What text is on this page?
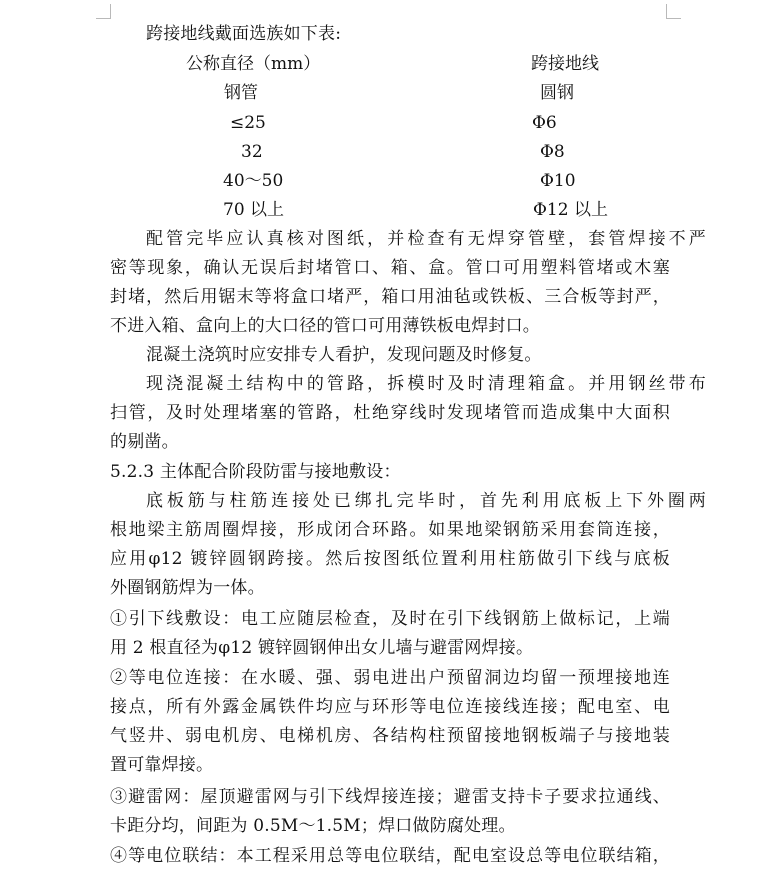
跨接地线戴面选族如下表:
公称直径（mm）	跨接地线
钢管	圆钢
≤25	Φ6
32	Φ8
40～50	Φ10
70 以上	Φ12 以上
配管完毕应认真核对图纸，并检查有无焊穿管壁，套管焊接不严
密等现象，确认无误后封堵管口、箱、盒。管口可用塑料管堵或木塞
封堵，然后用锯末等将盒口堵严，箱口用油毡或铁板、三合板等封严，
不进入箱、盒向上的大口径的管口可用薄铁板电焊封口。
混凝土浇筑时应安排专人看护，发现问题及时修复。
现浇混凝土结构中的管路，拆模时及时清理箱盒。并用钢丝带布
扫管，及时处理堵塞的管路，杜绝穿线时发现堵管而造成集中大面积
的剔凿。
5.2.3 主体配合阶段防雷与接地敷设：
底板筋与柱筋连接处已绑扎完毕时，首先利用底板上下外圈两
根地梁主筋周圈焊接，形成闭合环路。如果地梁钢筋采用套筒连接，
应用φ12 镀锌圆钢跨接。然后按图纸位置利用柱筋做引下线与底板
外圈钢筋焊为一体。
①引下线敷设：电工应随层检查，及时在引下线钢筋上做标记，上端
用 2 根直径为φ12 镀锌圆钢伸出女儿墙与避雷网焊接。
②等电位连接：在水暖、强、弱电进出户预留洞边均留一预埋接地连
接点，所有外露金属铁件均应与环形等电位连接线连接；配电室、电
气竖井、弱电机房、电梯机房、各结构柱预留接地钢板端子与接地装
置可靠焊接。
③避雷网：屋顶避雷网与引下线焊接连接；避雷支持卡子要求拉通线、
卡距分均，间距为 0.5M～1.5M；焊口做防腐处理。
④等电位联结：本工程采用总等电位联结，配电室设总等电位联结箱，
